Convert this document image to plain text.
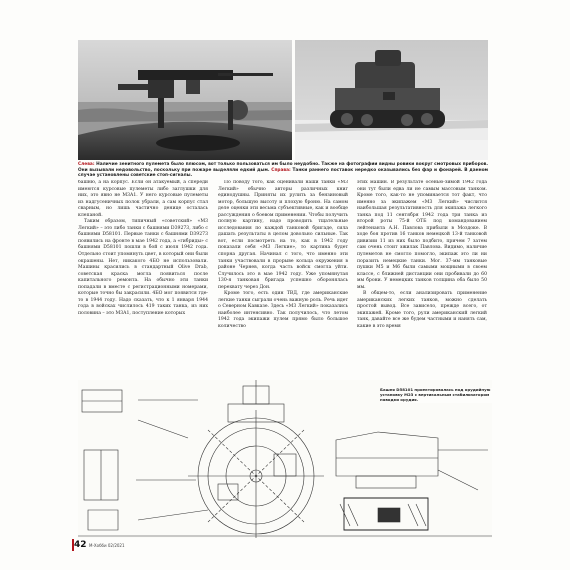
Слева: Наличие зенитного пулемета было плюсом, вот только пользоваться им было неудобно. Также на фотографии видны ровики вокруг смотровых приборов. Они вызывали недовольство, поскольку при пожаре выделяли едкий дым. Справа: Танки раннего поставок нередко оказывались без фар и фонарей. В данном случае установлены советские стоп-сигналы.

башню, а на корпус. Если он атакуемый, а спереди имеются курсовые пулеметы либо заглушки для них, это явно не M3A1. У него курсовые пулеметы из надгусеничных полок убрали, а сам корпус стал сварным, но лишь частично денице осталась клепаной.

Таким образом, типичный «советский» «M3 Легкий» – это либо танки с башнями D39273, либо с башнями D58101. Первые танки с башнями D39273 появились на фронте в мае 1942 года, а «гибриды» с башнями D58101 пошли в бой с июля 1942 года. Отдельно стоит упомянуть цвет, в который они были окрашены. Нет, никакого 4БО не использовали. Машины красились в стандартный Olive Drab, советская краска могла появиться после капитального ремонта. На обычно эти танки попадали в вместе с регистрационными номерами, которые точно бы закрасили. 4БО мог появится где-то в 1944 году. Надо сказать, что к 1 января 1944 года в войсках числилось 419 таких танка, из них половина – это M3A1, поступление которых

По поводу того, как оценивали наши танки «M3 Легкий» обычно авторы различных книг единодушны. Приняты их рулить за бензиновый мотор, большую высоту и плохую броню. На самом деле оценки эти весьма субъективные, как и вообще рассуждения о боевом применении. Чтобы получить полную картину, надо проводить тщательные исследования по каждой танковой бригаде, сила дашать результаты в целом довольно сильные. Так вот, если посмотреть на то, как в 1942 году показали себя «M3 Легкие», то картина будет спорна другая. Начинал с того, что именно эти танки участвовали в прорыве кольца окружения в районе Чернев, когда часть войск смогла уйти. Случилось это в мае 1942 году. Уже упомянутая 130-я танковая бригада успешно оборонялась перехвату через Дон.

Кроме того, есть один ТВД, где американские легкие танки сыграли очень важную роль. Речь идет о Северном Кавказе. Здесь «M3 Легкий» показались наиболее интенсивно. Так получилось, что летом 1942 года экипажи пулем прямо было большое количество

этих машин. В результате осенью-зимой 1942 года они тут были едва ли не самым массовым танком. Кроме того, как-то не упоминается тот факт, что именно за экипажем «M3 Легкий» числится наибольшая результативность для экипажа легкого танка под 11 сентября 1942 года три танка из второй роты 75-й ОТБ под командованием лейтенанта А.Н. Павлова прибыли в Моздоке. В ходе боя против 16 танков немецкой 13-й танковой дивизии 11 из них было подбито, причем 7 затем сам очень стоит эжилак Павлова. Видимо, наличие пулеметов не смогло помогло, экипаж это ли ни поразить немецкие танки. Мог. 37-мм танковые пушки M5 и M6 были самыми мощными в своем классе, с ближней дистанции они пробивали до 60 мм брони. У немецких танков толщина оба было 50 мм.

В общем-то, если анализировать применение американских легких танков, можно сделать простой вывод. Все зависело, прежде всего, от экипажей. Кроме того, рули американский легкий танк, давайте все же будем частными и нанять сам, какие в это время

Башня D58101 проектировалась под орудийную установку M23 с вертикальным стабилизатором наводки орудия.
42 М-Хобби 02/2021
